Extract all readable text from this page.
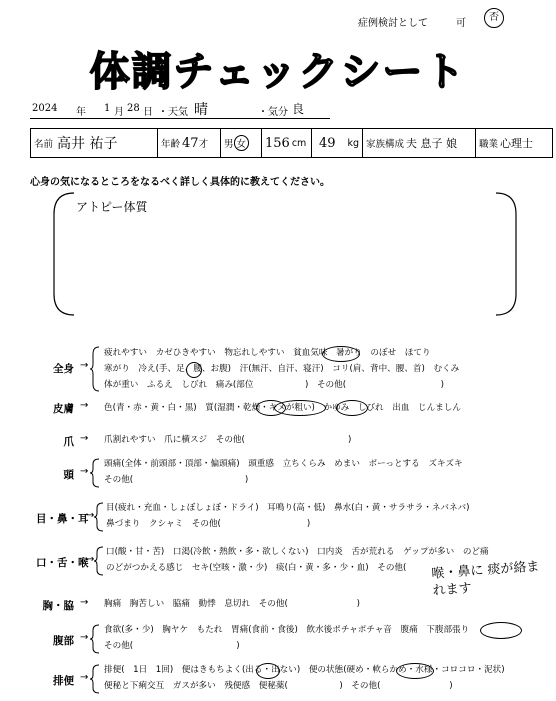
症例検討として	可
否
体調チェックシート
2024 年 1 月 28 日 ・天気 晴	・気分 良
名前 高井 祐子	年齢 47 才 男 女 156 cm 49 kg 家族構成 夫 息子 娘 職業 心理士
心身の気になるところをなるべく詳しく具体的に教えてください。
アトピー体質
全身 →
疲れやすい　カゼひきやすい　物忘れしやすい　貧血気味　暑がり　のぼせ　ほてり
寒がり　冷え(手、足、腰、お腹)　汗(無汗、自汗、寝汗)　コリ(肩、背中、腰、首)　むくみ
体が重い　ふるえ　しびれ　痛み(部位　　　　　　)　その他(　　　　　　　　　　　)
皮膚 → 色(青・赤・黄・白・黒)　質(湿潤・乾燥・キメが粗い)　かゆみ　しびれ　出血　じんましん
爪 → 爪割れやすい　爪に横スジ　その他(　　　　　　　　　　　　)
頭 →
頭痛(全体・前頭部・頂部・偏頭痛)　頭重感　立ちくらみ　めまい　ボーっとする　ズキズキ
その他(　　　　　　　　　　　　　)
目・鼻・耳
→
目(疲れ・充血・しょぼしょぼ・ドライ)　耳鳴り(高・低)　鼻水(白・黄・サラサラ・ネバネバ)
鼻づまり　クシャミ　その他(　　　　　　　　　　)
口・舌・喉
→
口(酸・甘・苦)　口渇(冷飲・熱飲・多・欲しくない)　口内炎　舌が荒れる　ゲップが多い　のど痛
のどがつかえる感じ　セキ(空咳・激・少)　痰(白・黄・多・少・血)　その他( 喉・鼻に 痰が絡まれます
胸・脇 → 胸痛　胸苦しい　脇痛　動悸　息切れ　その他(　　　　　　　　)
腹部 →
食欲(多・少)　胸ヤケ　もたれ　胃痛(食前・食後)　飲水後ポチャポチャ音　腹痛　下腹部張り
その他(　　　　　　　　　　　　)
排便 →
排便(　1日　1回)　便はきもちよく(出る・出ない)　便の状態(硬め・軟らかめ・水様・コロコロ・泥状)
便秘と下痢交互　ガスが多い　残便感　便秘薬(　　　　　　)　その他(　　　　　　　　)
